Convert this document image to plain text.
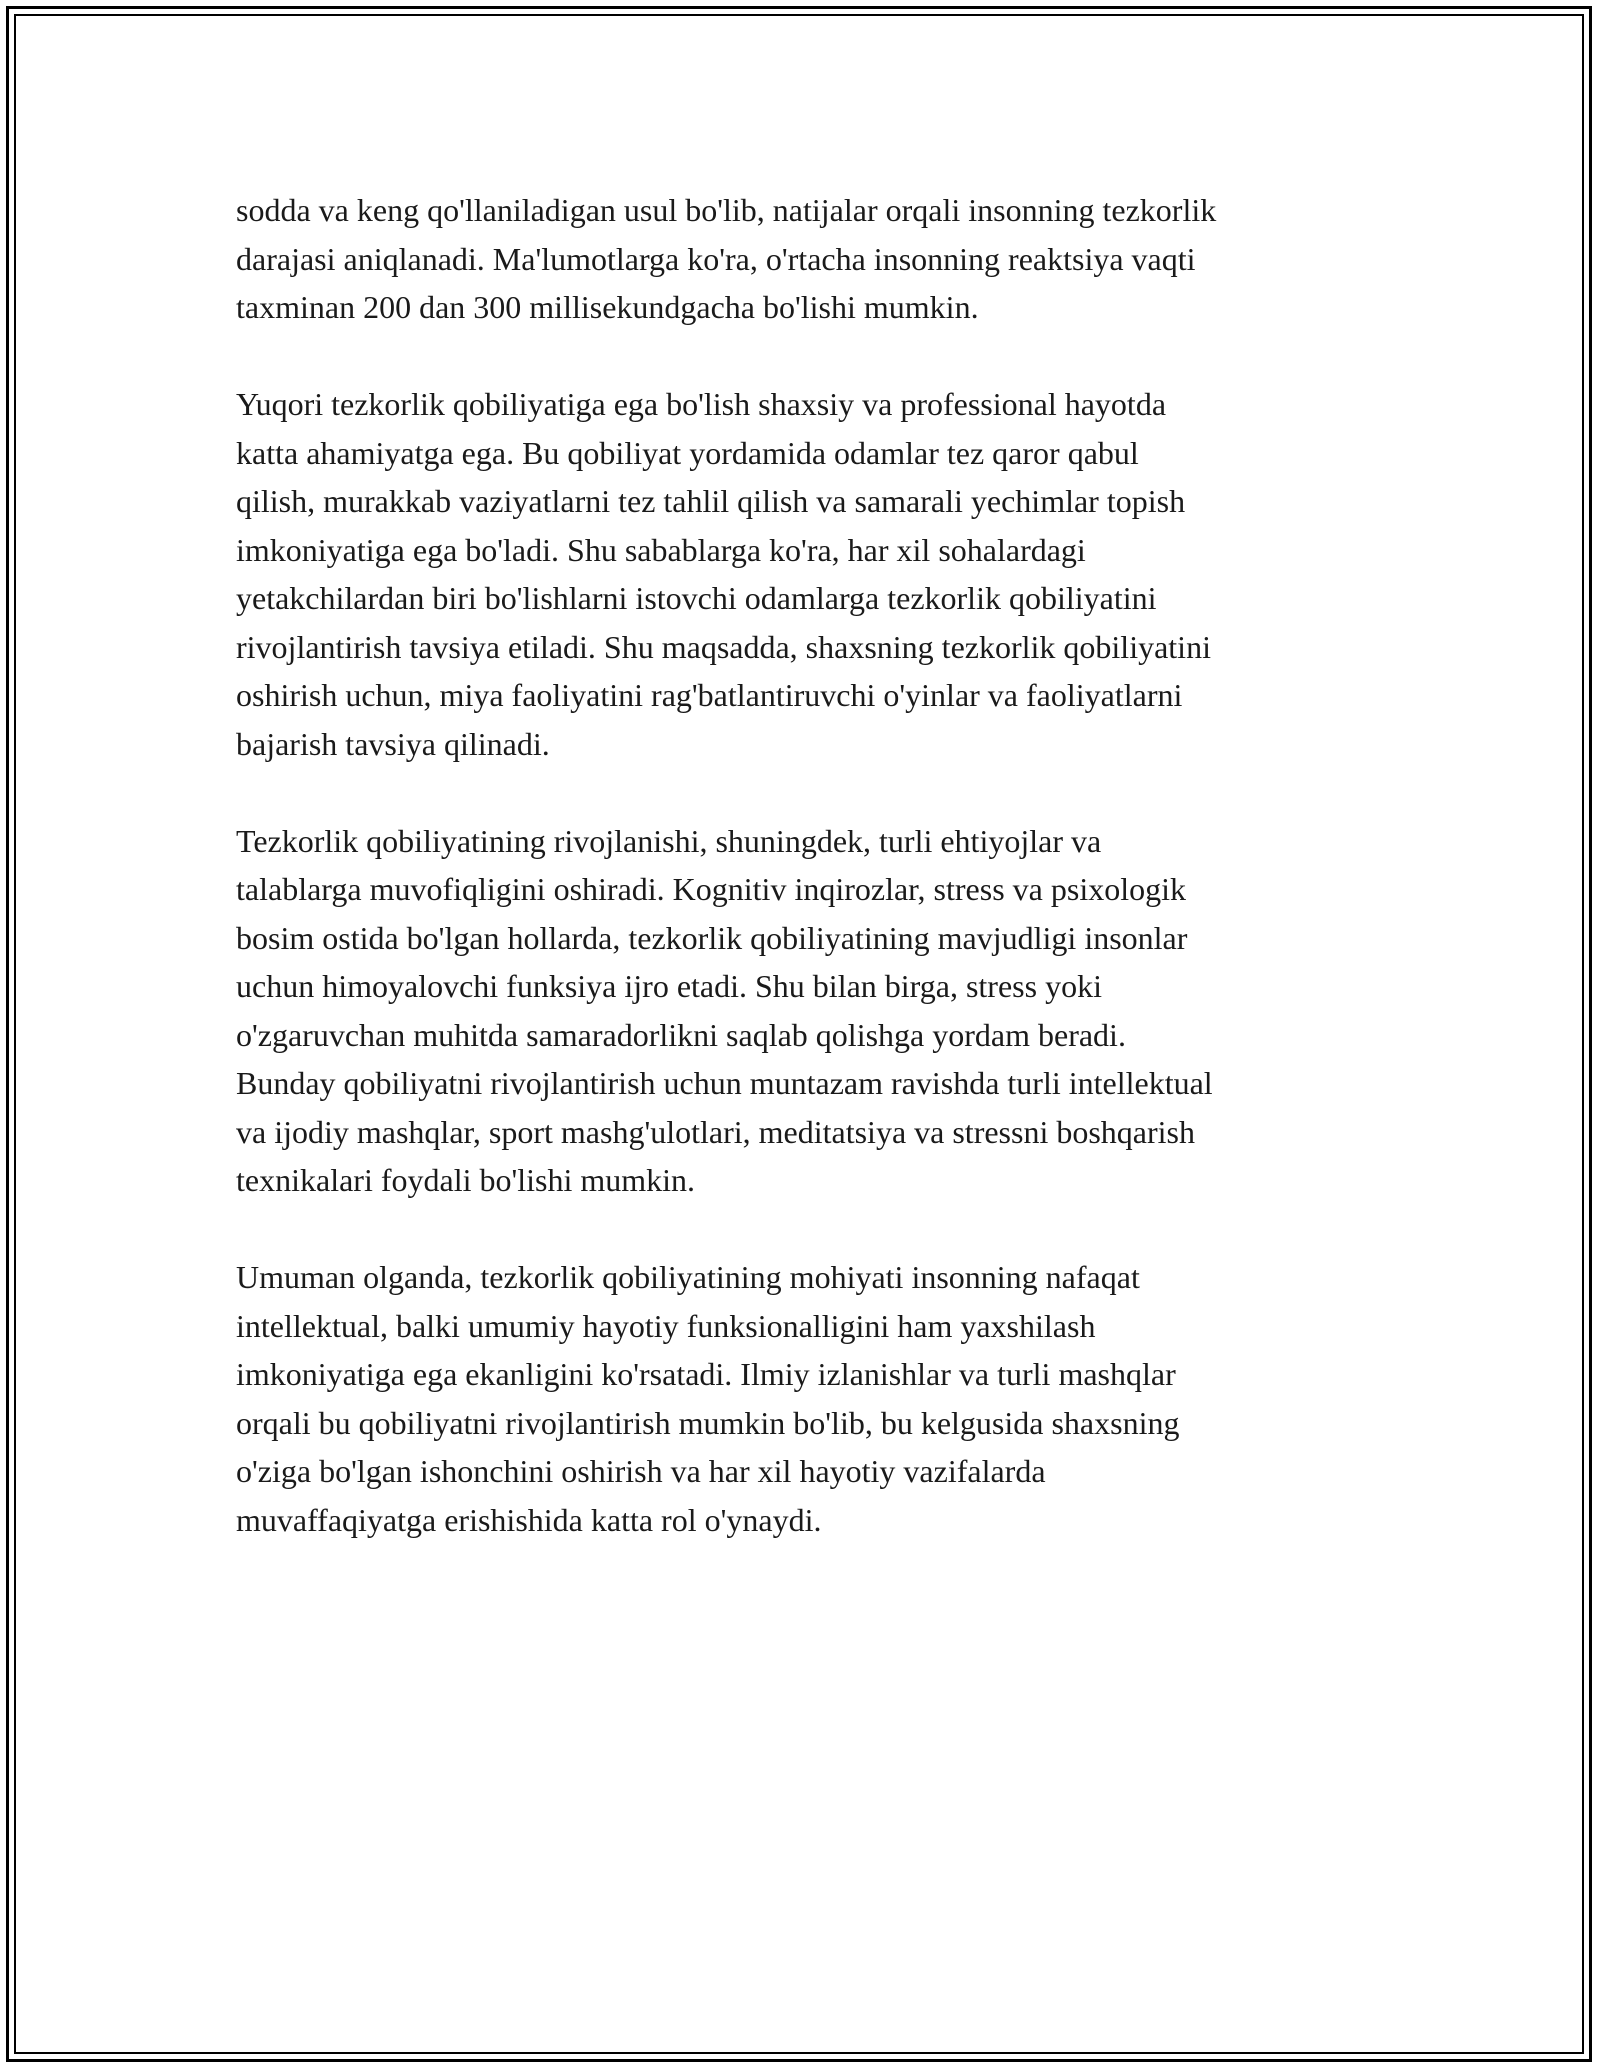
sodda va keng qo'llaniladigan usul bo'lib, natijalar orqali insonning tezkorlik
darajasi aniqlanadi. Ma'lumotlarga ko'ra, o'rtacha insonning reaktsiya vaqti
taxminan 200 dan 300 millisekundgacha bo'lishi mumkin.

Yuqori tezkorlik qobiliyatiga ega bo'lish shaxsiy va professional hayotda
katta ahamiyatga ega. Bu qobiliyat yordamida odamlar tez qaror qabul
qilish, murakkab vaziyatlarni tez tahlil qilish va samarali yechimlar topish
imkoniyatiga ega bo'ladi. Shu sabablarga ko'ra, har xil sohalardagi
yetakchilardan biri bo'lishlarni istovchi odamlarga tezkorlik qobiliyatini
rivojlantirish tavsiya etiladi. Shu maqsadda, shaxsning tezkorlik qobiliyatini
oshirish uchun, miya faoliyatini rag'batlantiruvchi o'yinlar va faoliyatlarni
bajarish tavsiya qilinadi.

Tezkorlik qobiliyatining rivojlanishi, shuningdek, turli ehtiyojlar va
talablarga muvofiqligini oshiradi. Kognitiv inqirozlar, stress va psixologik
bosim ostida bo'lgan hollarda, tezkorlik qobiliyatining mavjudligi insonlar
uchun himoyalovchi funksiya ijro etadi. Shu bilan birga, stress yoki
o'zgaruvchan muhitda samaradorlikni saqlab qolishga yordam beradi.
Bunday qobiliyatni rivojlantirish uchun muntazam ravishda turli intellektual
va ijodiy mashqlar, sport mashg'ulotlari, meditatsiya va stressni boshqarish
texnikalari foydali bo'lishi mumkin.

Umuman olganda, tezkorlik qobiliyatining mohiyati insonning nafaqat
intellektual, balki umumiy hayotiy funksionalligini ham yaxshilash
imkoniyatiga ega ekanligini ko'rsatadi. Ilmiy izlanishlar va turli mashqlar
orqali bu qobiliyatni rivojlantirish mumkin bo'lib, bu kelgusida shaxsning
o'ziga bo'lgan ishonchini oshirish va har xil hayotiy vazifalarda
muvaffaqiyatga erishishida katta rol o'ynaydi.
